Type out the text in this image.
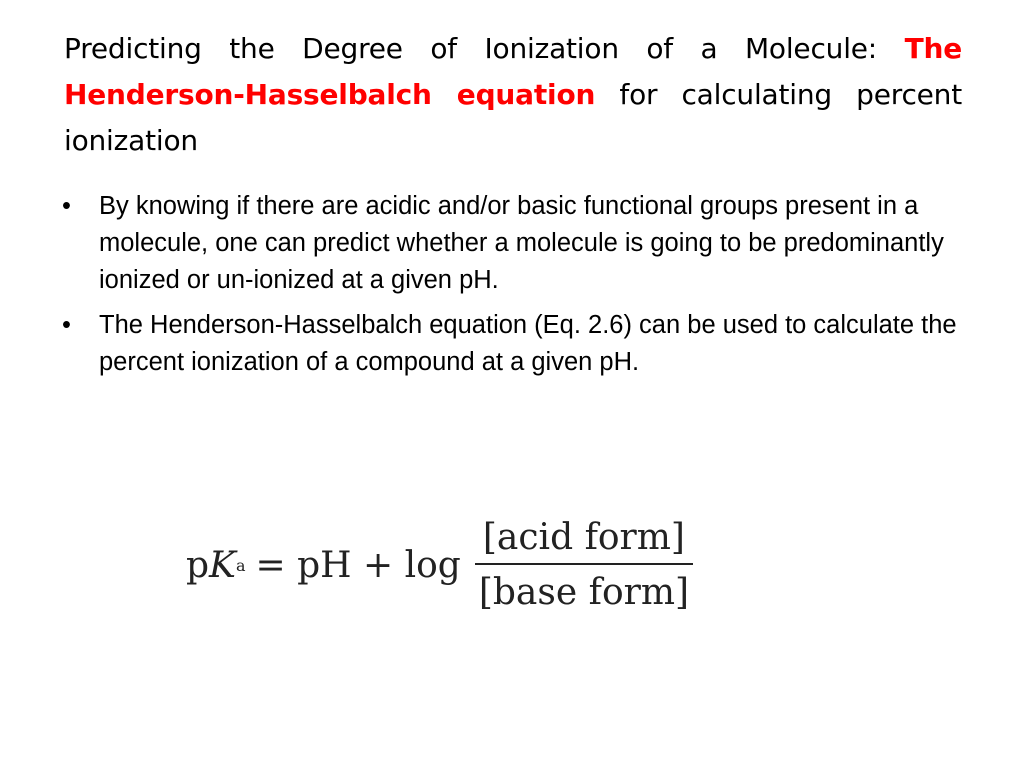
Predicting the Degree of Ionization of a Molecule: The Henderson-Hasselbalch equation for calculating percent ionization
•	By knowing if there are acidic and/or basic functional groups present in a molecule, one can predict whether a molecule is going to be predominantly ionized or un-ionized at a given pH.
•	The Henderson-Hasselbalch equation (Eq. 2.6) can be used to calculate the percent ionization of a compound at a given pH.
p K a = pH + $\log \frac{\text{[acid form]}}{\text{[base form]}}$
